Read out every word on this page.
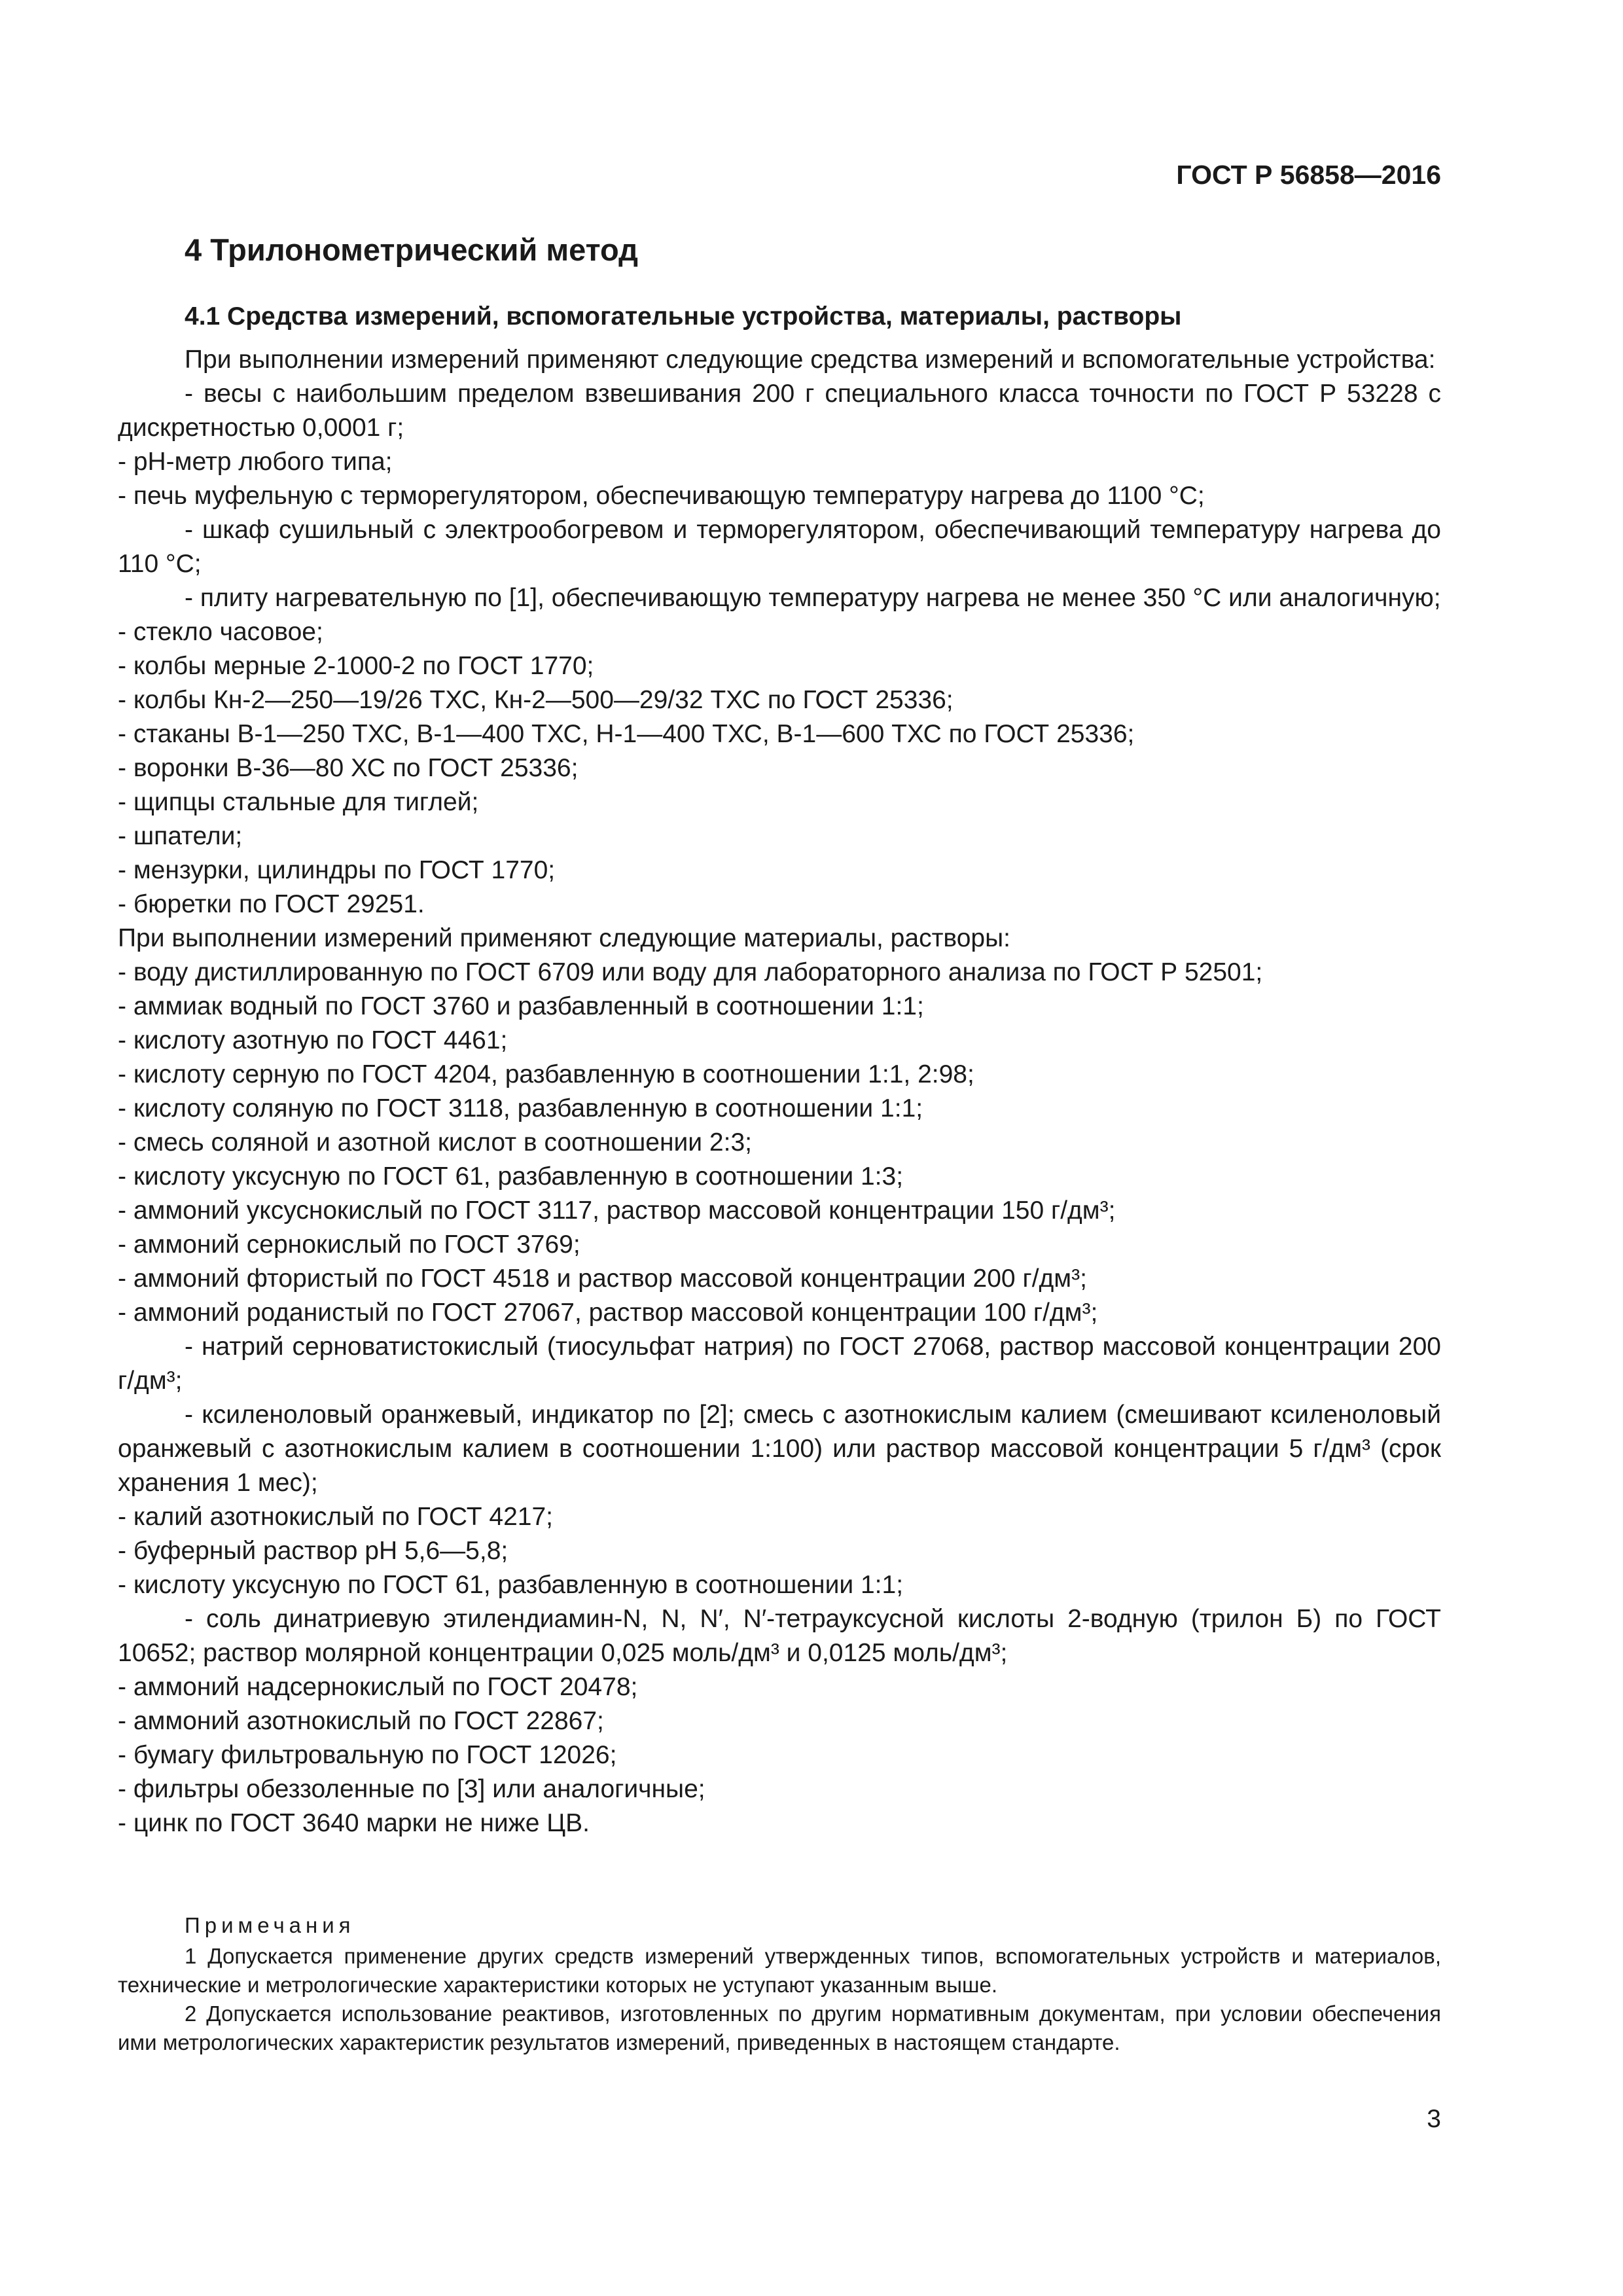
ГОСТ Р 56858—2016
4 Трилонометрический метод
4.1 Средства измерений, вспомогательные устройства, материалы, растворы

При выполнении измерений применяют следующие средства измерений и вспомогательные устройства:

- весы с наибольшим пределом взвешивания 200 г специального класса точности по ГОСТ Р 53228 с дискретностью 0,0001 г;

- рН-метр любого типа;

- печь муфельную с терморегулятором, обеспечивающую температуру нагрева до 1100 °С;

- шкаф сушильный с электрообогревом и терморегулятором, обеспечивающий температуру нагрева до 110 °С;

- плиту нагревательную по [1], обеспечивающую температуру нагрева не менее 350 °С или аналогичную;

- стекло часовое;

- колбы мерные 2-1000-2 по ГОСТ 1770;

- колбы Кн-2—250—19/26 ТХС, Кн-2—500—29/32 ТХС по ГОСТ 25336;

- стаканы В-1—250 ТХС, В-1—400 ТХС, Н-1—400 ТХС, В-1—600 ТХС по ГОСТ 25336;

- воронки В-36—80 ХС по ГОСТ 25336;

- щипцы стальные для тиглей;

- шпатели;

- мензурки, цилиндры по ГОСТ 1770;

- бюретки по ГОСТ 29251.

При выполнении измерений применяют следующие материалы, растворы:

- воду дистиллированную по ГОСТ 6709 или воду для лабораторного анализа по ГОСТ Р 52501;

- аммиак водный по ГОСТ 3760 и разбавленный в соотношении 1:1;

- кислоту азотную по ГОСТ 4461;

- кислоту серную по ГОСТ 4204, разбавленную в соотношении 1:1, 2:98;

- кислоту соляную по ГОСТ 3118, разбавленную в соотношении 1:1;

- смесь соляной и азотной кислот в соотношении 2:3;

- кислоту уксусную по ГОСТ 61, разбавленную в соотношении 1:3;

- аммоний уксуснокислый по ГОСТ 3117, раствор массовой концентрации 150 г/дм³;

- аммоний сернокислый по ГОСТ 3769;

- аммоний фтористый по ГОСТ 4518 и раствор массовой концентрации 200 г/дм³;

- аммоний роданистый по ГОСТ 27067, раствор массовой концентрации 100 г/дм³;

- натрий серноватистокислый (тиосульфат натрия) по ГОСТ 27068, раствор массовой концентрации 200 г/дм³;

- ксиленоловый оранжевый, индикатор по [2]; смесь с азотнокислым калием (смешивают ксиленоловый оранжевый с азотнокислым калием в соотношении 1:100) или раствор массовой концентрации 5 г/дм³ (срок хранения 1 мес);

- калий азотнокислый по ГОСТ 4217;

- буферный раствор рН 5,6—5,8;

- кислоту уксусную по ГОСТ 61, разбавленную в соотношении 1:1;

- соль динатриевую этилендиамин-N, N, N′, N′-тетрауксусной кислоты 2-водную (трилон Б) по ГОСТ 10652; раствор молярной концентрации 0,025 моль/дм³ и 0,0125 моль/дм³;

- аммоний надсернокислый по ГОСТ 20478;

- аммоний азотнокислый по ГОСТ 22867;

- бумагу фильтровальную по ГОСТ 12026;

- фильтры обеззоленные по [3] или аналогичные;

- цинк по ГОСТ 3640 марки не ниже ЦВ.

Примечания

1 Допускается применение других средств измерений утвержденных типов, вспомогательных устройств и материалов, технические и метрологические характеристики которых не уступают указанным выше.

2 Допускается использование реактивов, изготовленных по другим нормативным документам, при условии обеспечения ими метрологических характеристик результатов измерений, приведенных в настоящем стандарте.

3
